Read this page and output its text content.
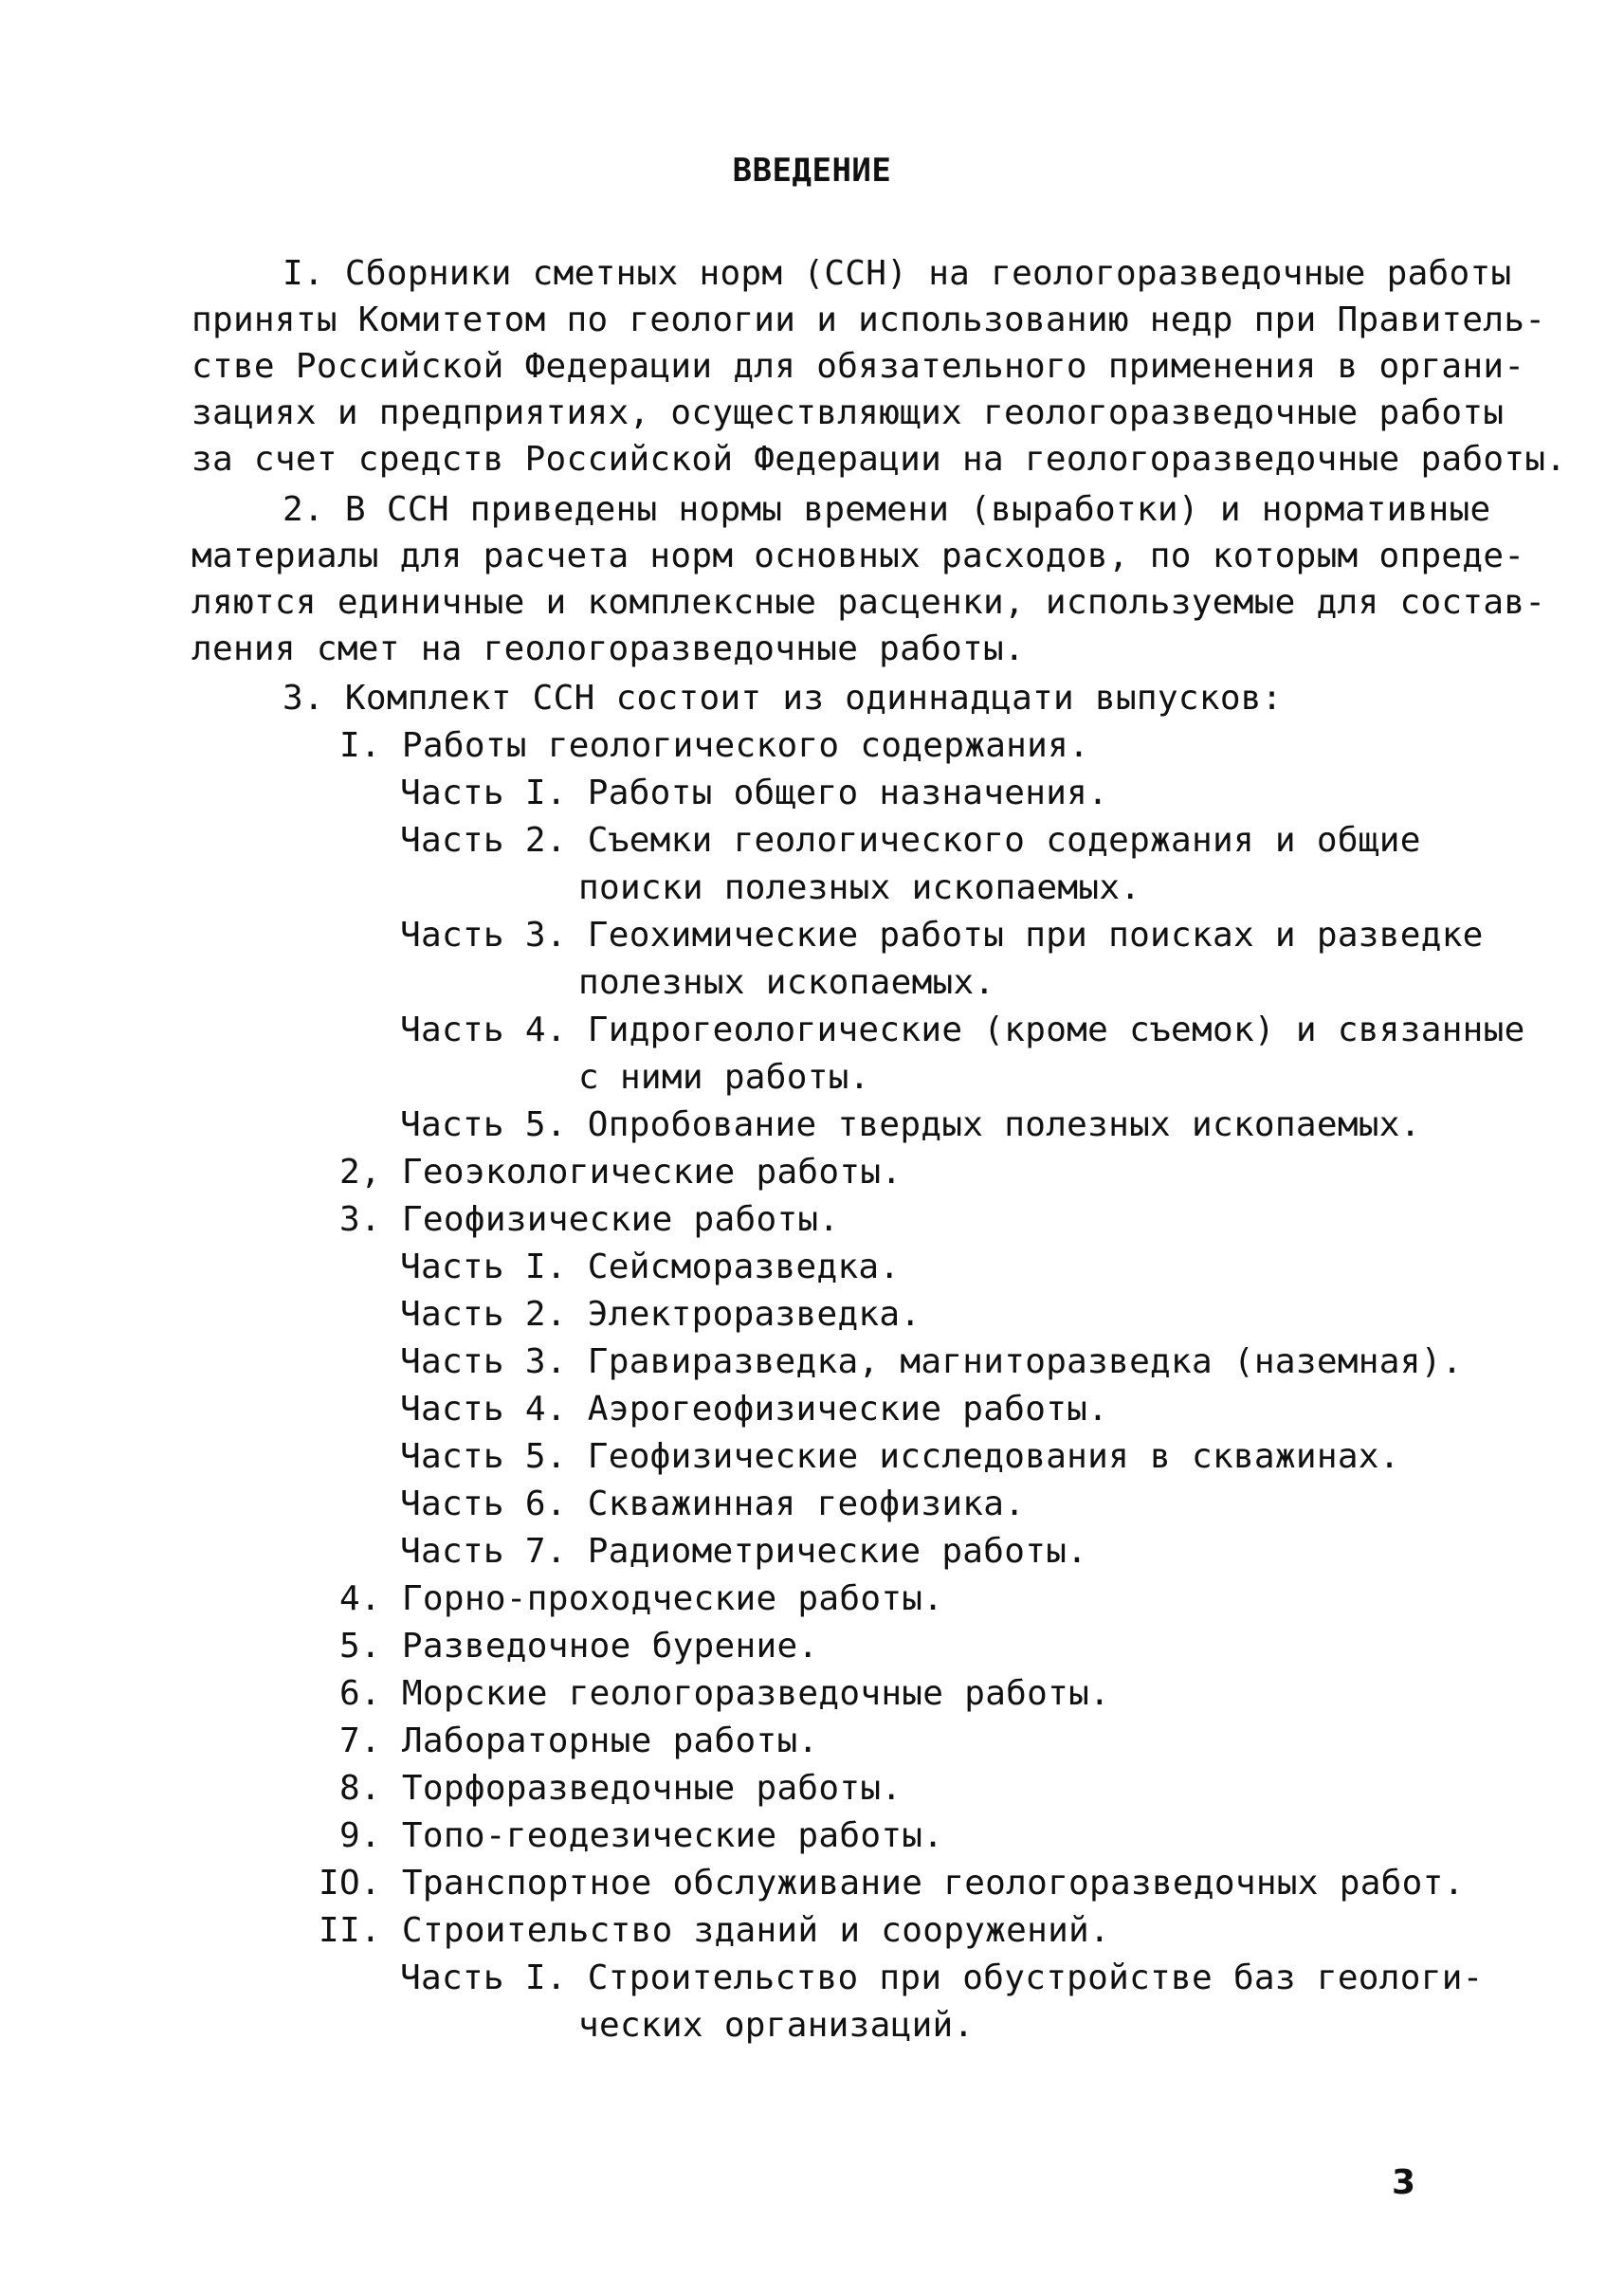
ВВЕДЕНИЕ
I. Сборники сметных норм (ССН) на геологоразведочные работы
приняты Комитетом по геологии и использованию недр при Правитель-
стве Российской Федерации для обязательного применения в органи-
зациях и предприятиях, осуществляющих геологоразведочные работы
за счет средств Российской Федерации на геологоразведочные работы.
2. В ССН приведены нормы времени (выработки) и нормативные
материалы для расчета норм основных расходов, по которым опреде-
ляются единичные и комплексные расценки, используемые для состав-
ления смет на геологоразведочные работы.
3. Комплект ССН состоит из одиннадцати выпусков:
I. Работы геологического содержания.
Часть I. Работы общего назначения.
Часть 2. Съемки геологического содержания и общие
поиски полезных ископаемых.
Часть 3. Геохимические работы при поисках и разведке
полезных ископаемых.
Часть 4. Гидрогеологические (кроме съемок) и связанные
с ними работы.
Часть 5. Опробование твердых полезных ископаемых.
2, Геоэкологические работы.
3. Геофизические работы.
Часть I. Сейсморазведка.
Часть 2. Электроразведка.
Часть 3. Гравиразведка, магниторазведка (наземная).
Часть 4. Аэрогеофизические работы.
Часть 5. Геофизические исследования в скважинах.
Часть 6. Скважинная геофизика.
Часть 7. Радиометрические работы.
4. Горно-проходческие работы.
5. Разведочное бурение.
6. Морские геологоразведочные работы.
7. Лабораторные работы.
8. Торфоразведочные работы.
9. Топо-геодезические работы.
IO. Транспортное обслуживание геологоразведочных работ.
II. Строительство зданий и сооружений.
Часть I. Строительство при обустройстве баз геологи-
ческих организаций.
3
